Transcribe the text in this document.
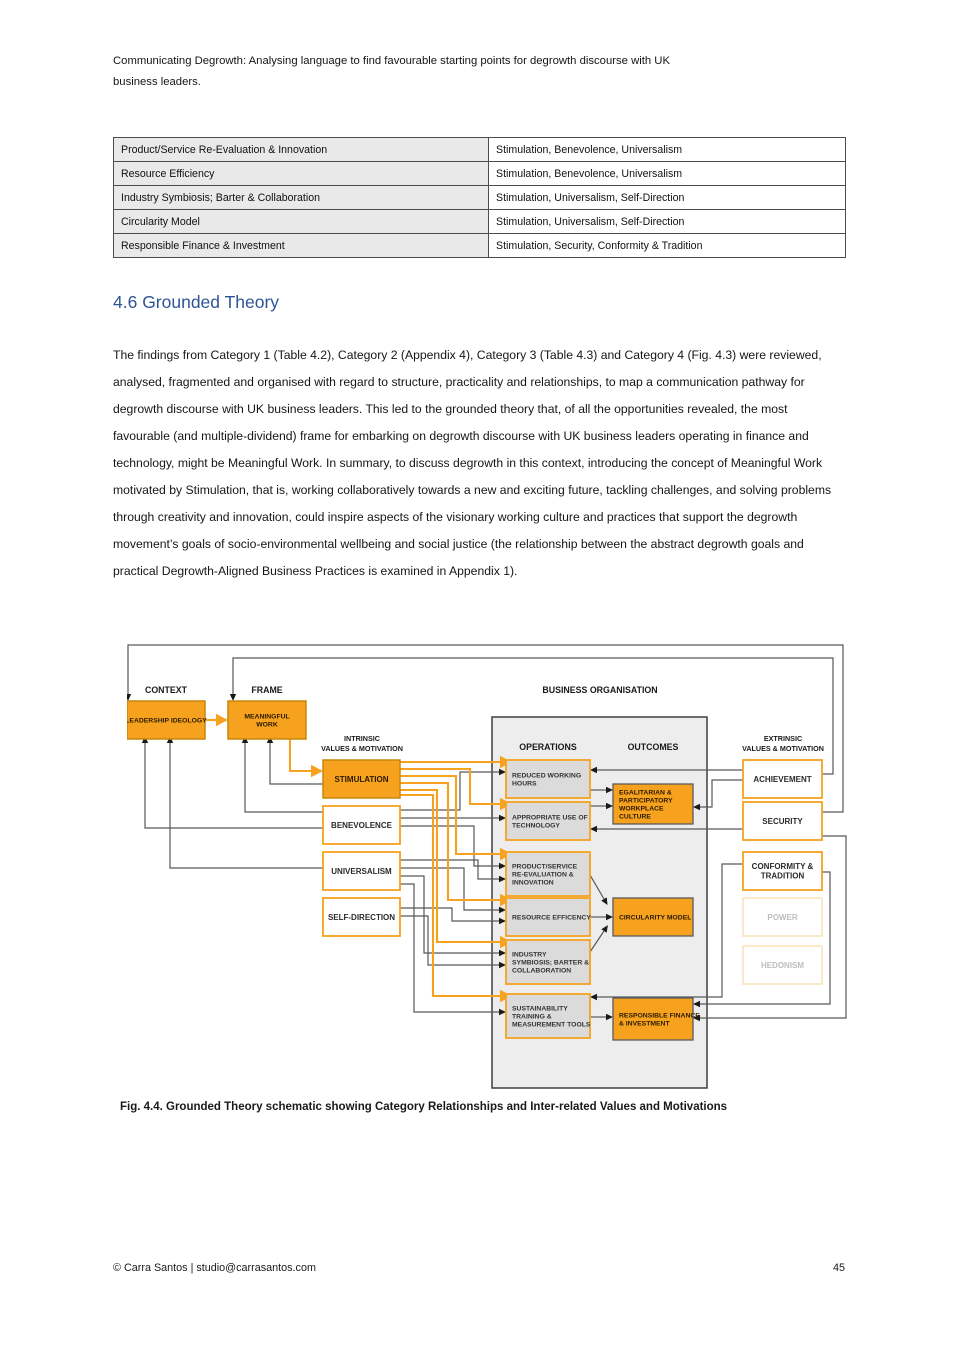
Communicating Degrowth: Analysing language to find favourable starting points for degrowth discourse with UK business leaders.
Product/Service Re-Evaluation & Innovation	Stimulation, Benevolence, Universalism
Resource Efficiency	Stimulation, Benevolence, Universalism
Industry Symbiosis; Barter & Collaboration	Stimulation, Universalism, Self-Direction
Circularity Model	Stimulation, Universalism, Self-Direction
Responsible Finance & Investment	Stimulation, Security, Conformity & Tradition
4.6 Grounded Theory
The findings from Category 1 (Table 4.2), Category 2 (Appendix 4), Category 3 (Table 4.3) and Category 4 (Fig. 4.3) were reviewed, analysed, fragmented and organised with regard to structure, practicality and relationships, to map a communication pathway for degrowth discourse with UK business leaders. This led to the grounded theory that, of all the opportunities revealed, the most favourable (and multiple-dividend) frame for embarking on degrowth discourse with UK business leaders operating in finance and technology, might be Meaningful Work. In summary, to discuss degrowth in this context, introducing the concept of Meaningful Work motivated by Stimulation, that is, working collaboratively towards a new and exciting future, tackling challenges, and solving problems through creativity and innovation, could inspire aspects of the visionary working culture and practices that support the degrowth movement’s goals of socio-environmental wellbeing and social justice (the relationship between the abstract degrowth goals and practical Degrowth-Aligned Business Practices is examined in Appendix 1).
LEADERSHIP IDEOLOGY
MEANINGFUL
WORK
STIMULATION
BENEVOLENCE
UNIVERSALISM
SELF-DIRECTION
REDUCED WORKING
HOURS
APPROPRIATE USE OF
TECHNOLOGY
PRODUCT/SERVICE
RE-EVALUATION &
INNOVATION
RESOURCE EFFICENCY
INDUSTRY
SYMBIOSIS; BARTER &
COLLABORATION
SUSTAINABILITY
TRAINING &
MEASUREMENT TOOLS
EGALITARIAN &
PARTICIPATORY
WORKPLACE
CULTURE
CIRCULARITY MODEL
RESPONSIBLE FINANCE
& INVESTMENT
ACHIEVEMENT
SECURITY
CONFORMITY &
TRADITION
POWER
HEDONISM
CONTEXT	FRAME	BUSINESS ORGANISATION
INTRINSIC
VALUES & MOTIVATION	OPERATIONS	OUTCOMES
EXTRINSIC
VALUES & MOTIVATION
Fig. 4.4. Grounded Theory schematic showing Category Relationships and Inter-related Values and Motivations
© Carra Santos | studio@carrasantos.com	45
